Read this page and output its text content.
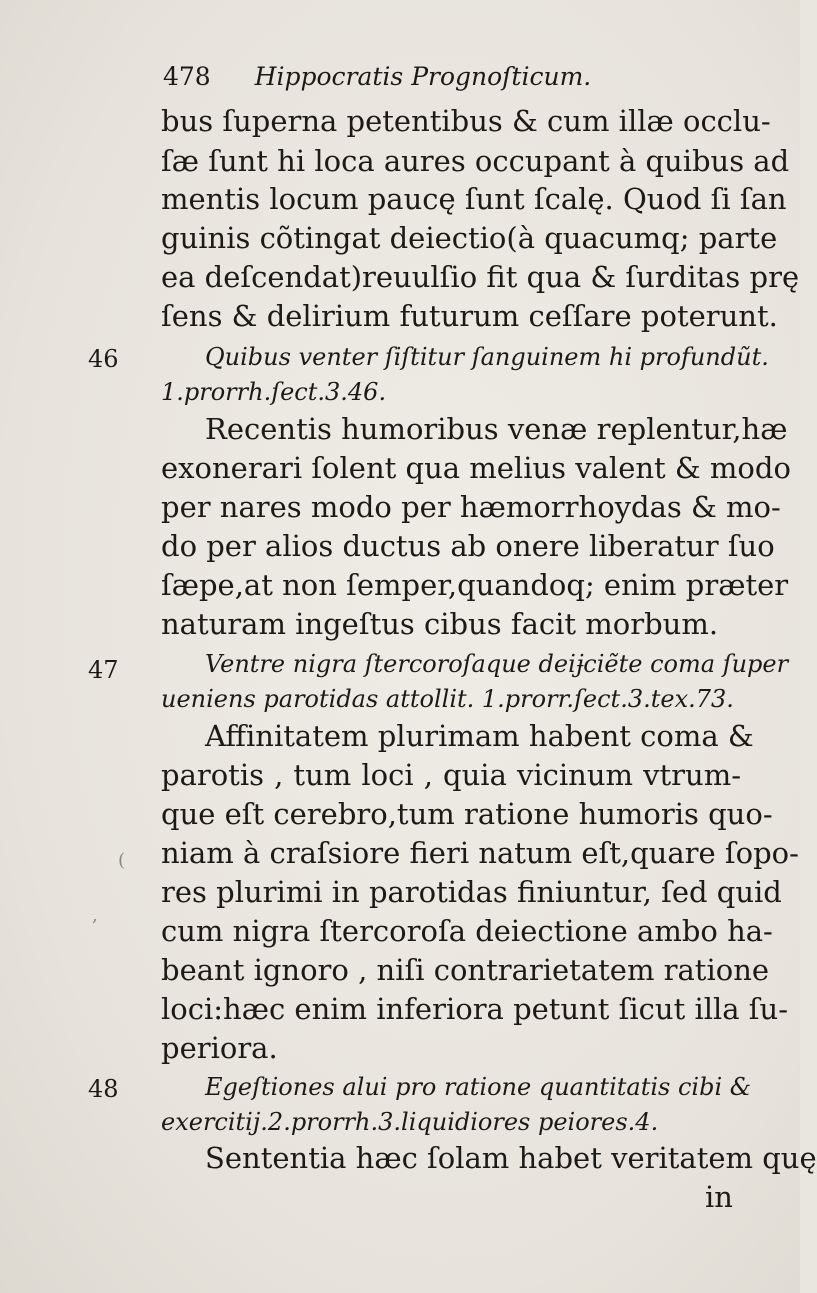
478 Hippocratis Prognoſticum.
bus ſuperna petentibus & cum illæ occlu-
ſæ ſunt hi loca aures occupant à quibus ad
mentis locum paucę ſunt ſcalę. Quod ſi ſan
guinis cõtingat deiectio(à quacumq; parte
ea deſcendat)reuulſio fit qua & ſurditas prę
ſens & delirium futurum ceſſare poterunt.
46	Quibus venter ſiſtitur ſanguinem hi profundũt.
1.prorrh.ſect.3.46.
Recentis humoribus venæ replentur,hæ
exonerari ſolent qua melius valent & modo
per nares modo per hæmorrhoydas & mo-
do per alios ductus ab onere liberatur ſuo
ſæpe,at non ſemper,quandoq; enim præter
naturam ingeſtus cibus facit morbum.
47	Ventre nigra ſtercoroſaque deiɉciẽte coma ſuper
ueniens parotidas attollit. 1.prorr.ſect.3.tex.73.
Affinitatem plurimam habent coma &
parotis , tum loci , quia vicinum vtrum-
que eſt cerebro,tum ratione humoris quo-
niam à craſsiore fieri natum eſt,quare ſopo-
res plurimi in parotidas finiuntur, ſed quid
cum nigra ſtercoroſa deiectione ambo ha-
beant ignoro , niſi contrarietatem ratione
loci:hæc enim inferiora petunt ſicut illa ſu-
periora.
(
,
48	Egeſtiones alui pro ratione quantitatis cibi &
exercitij.2.prorrh.3.liquidiores peiores.4.
Sententia hæc ſolam habet veritatem quę
in
